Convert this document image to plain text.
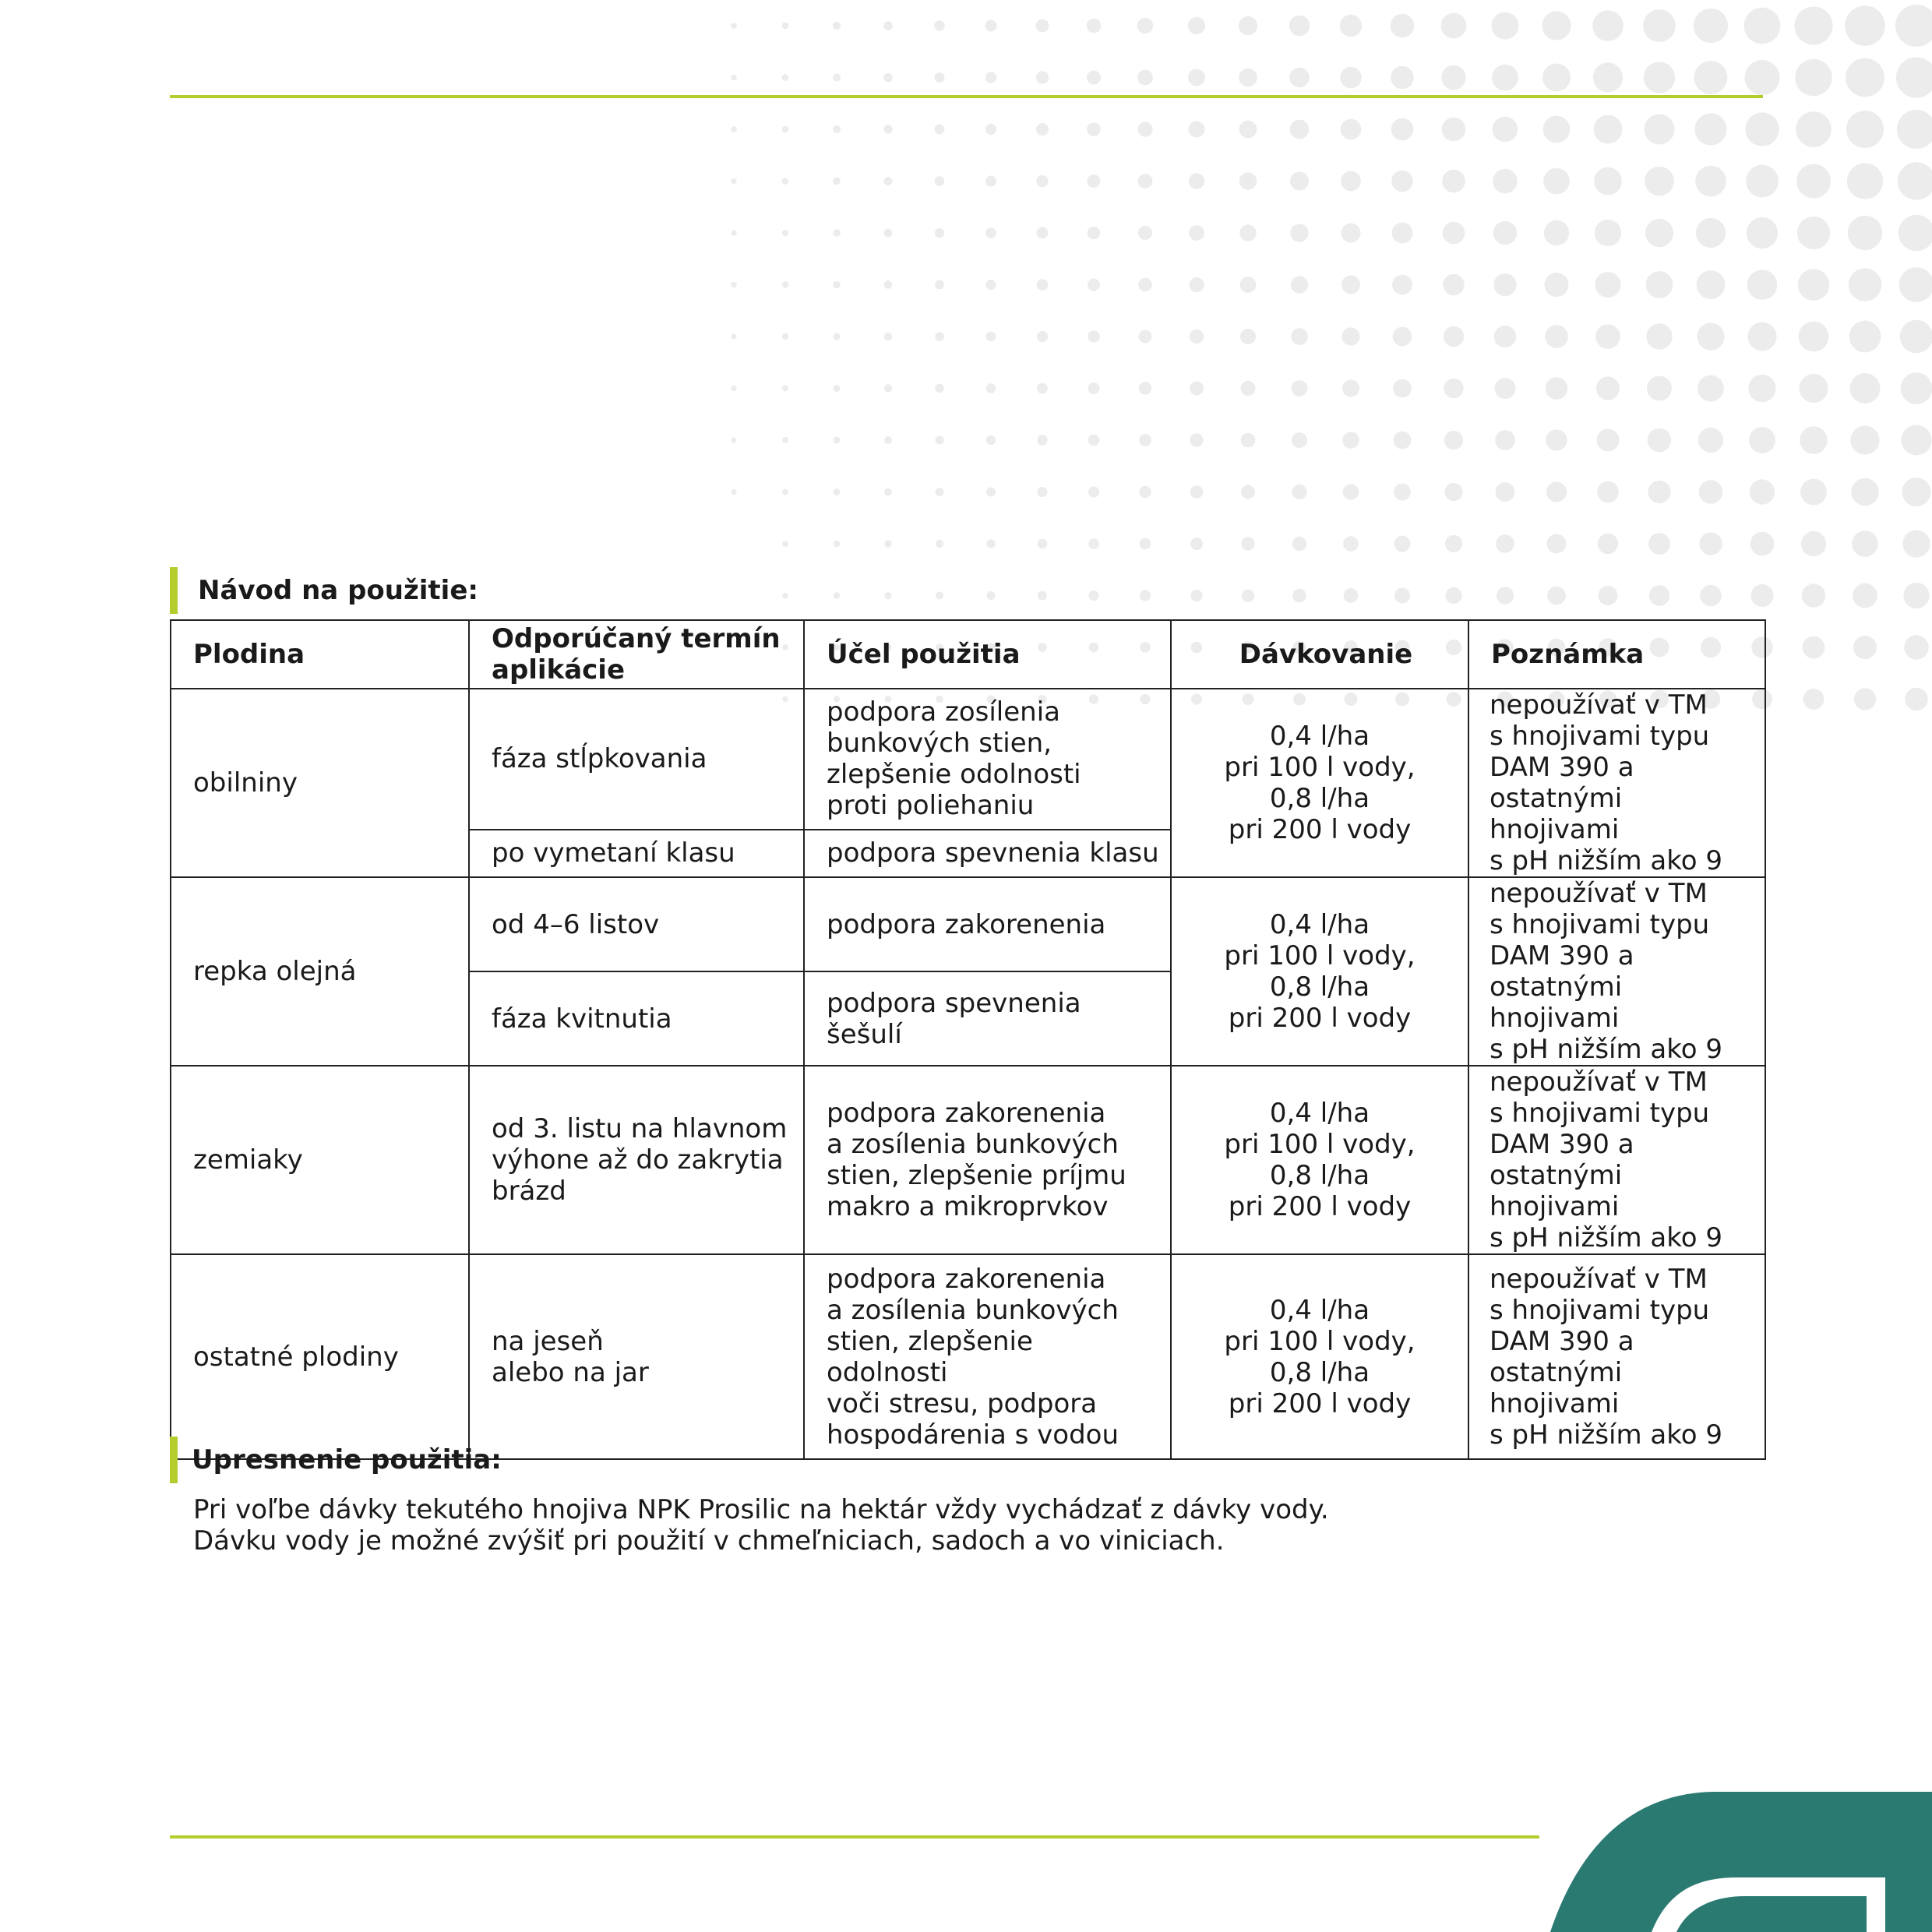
Návod na použitie:
Plodina	Odporúčaný termín
aplikácie	Účel použitia	Dávkovanie	Poznámka
obilniny	fáza stĺpkovania	podpora zosílenia
bunkových stien,
zlepšenie odolnosti
proti poliehaniu	0,4 l/ha
pri 100 l vody,
0,8 l/ha
pri 200 l vody	nepoužívať v TM
s hnojivami typu
DAM 390 a ostatnými
hnojivami
s pH nižším ako 9
	po vymetaní klasu	podpora spevnenia klasu		
repka olejná	od 4–6 listov	podpora zakorenenia	0,4 l/ha
pri 100 l vody,
0,8 l/ha
pri 200 l vody	nepoužívať v TM
s hnojivami typu
DAM 390 a ostatnými
hnojivami
s pH nižším ako 9
	fáza kvitnutia	podpora spevnenia šešulí		
zemiaky	od 3. listu na hlavnom
výhone až do zakrytia
brázd	podpora zakorenenia
a zosílenia bunkových
stien, zlepšenie príjmu
makro a mikroprvkov	0,4 l/ha
pri 100 l vody,
0,8 l/ha
pri 200 l vody	nepoužívať v TM
s hnojivami typu
DAM 390 a ostatnými
hnojivami
s pH nižším ako 9
ostatné plodiny	na jeseň
alebo na jar	podpora zakorenenia
a zosílenia bunkových
stien, zlepšenie odolnosti
voči stresu, podpora
hospodárenia s vodou	0,4 l/ha
pri 100 l vody,
0,8 l/ha
pri 200 l vody	nepoužívať v TM
s hnojivami typu
DAM 390 a ostatnými
hnojivami
s pH nižším ako 9
Upresnenie použitia:

Pri voľbe dávky tekutého hnojiva NPK Prosilic na hektár vždy vychádzať z dávky vody.

Dávku vody je možné zvýšiť pri použití v chmeľniciach, sadoch a vo viniciach.
